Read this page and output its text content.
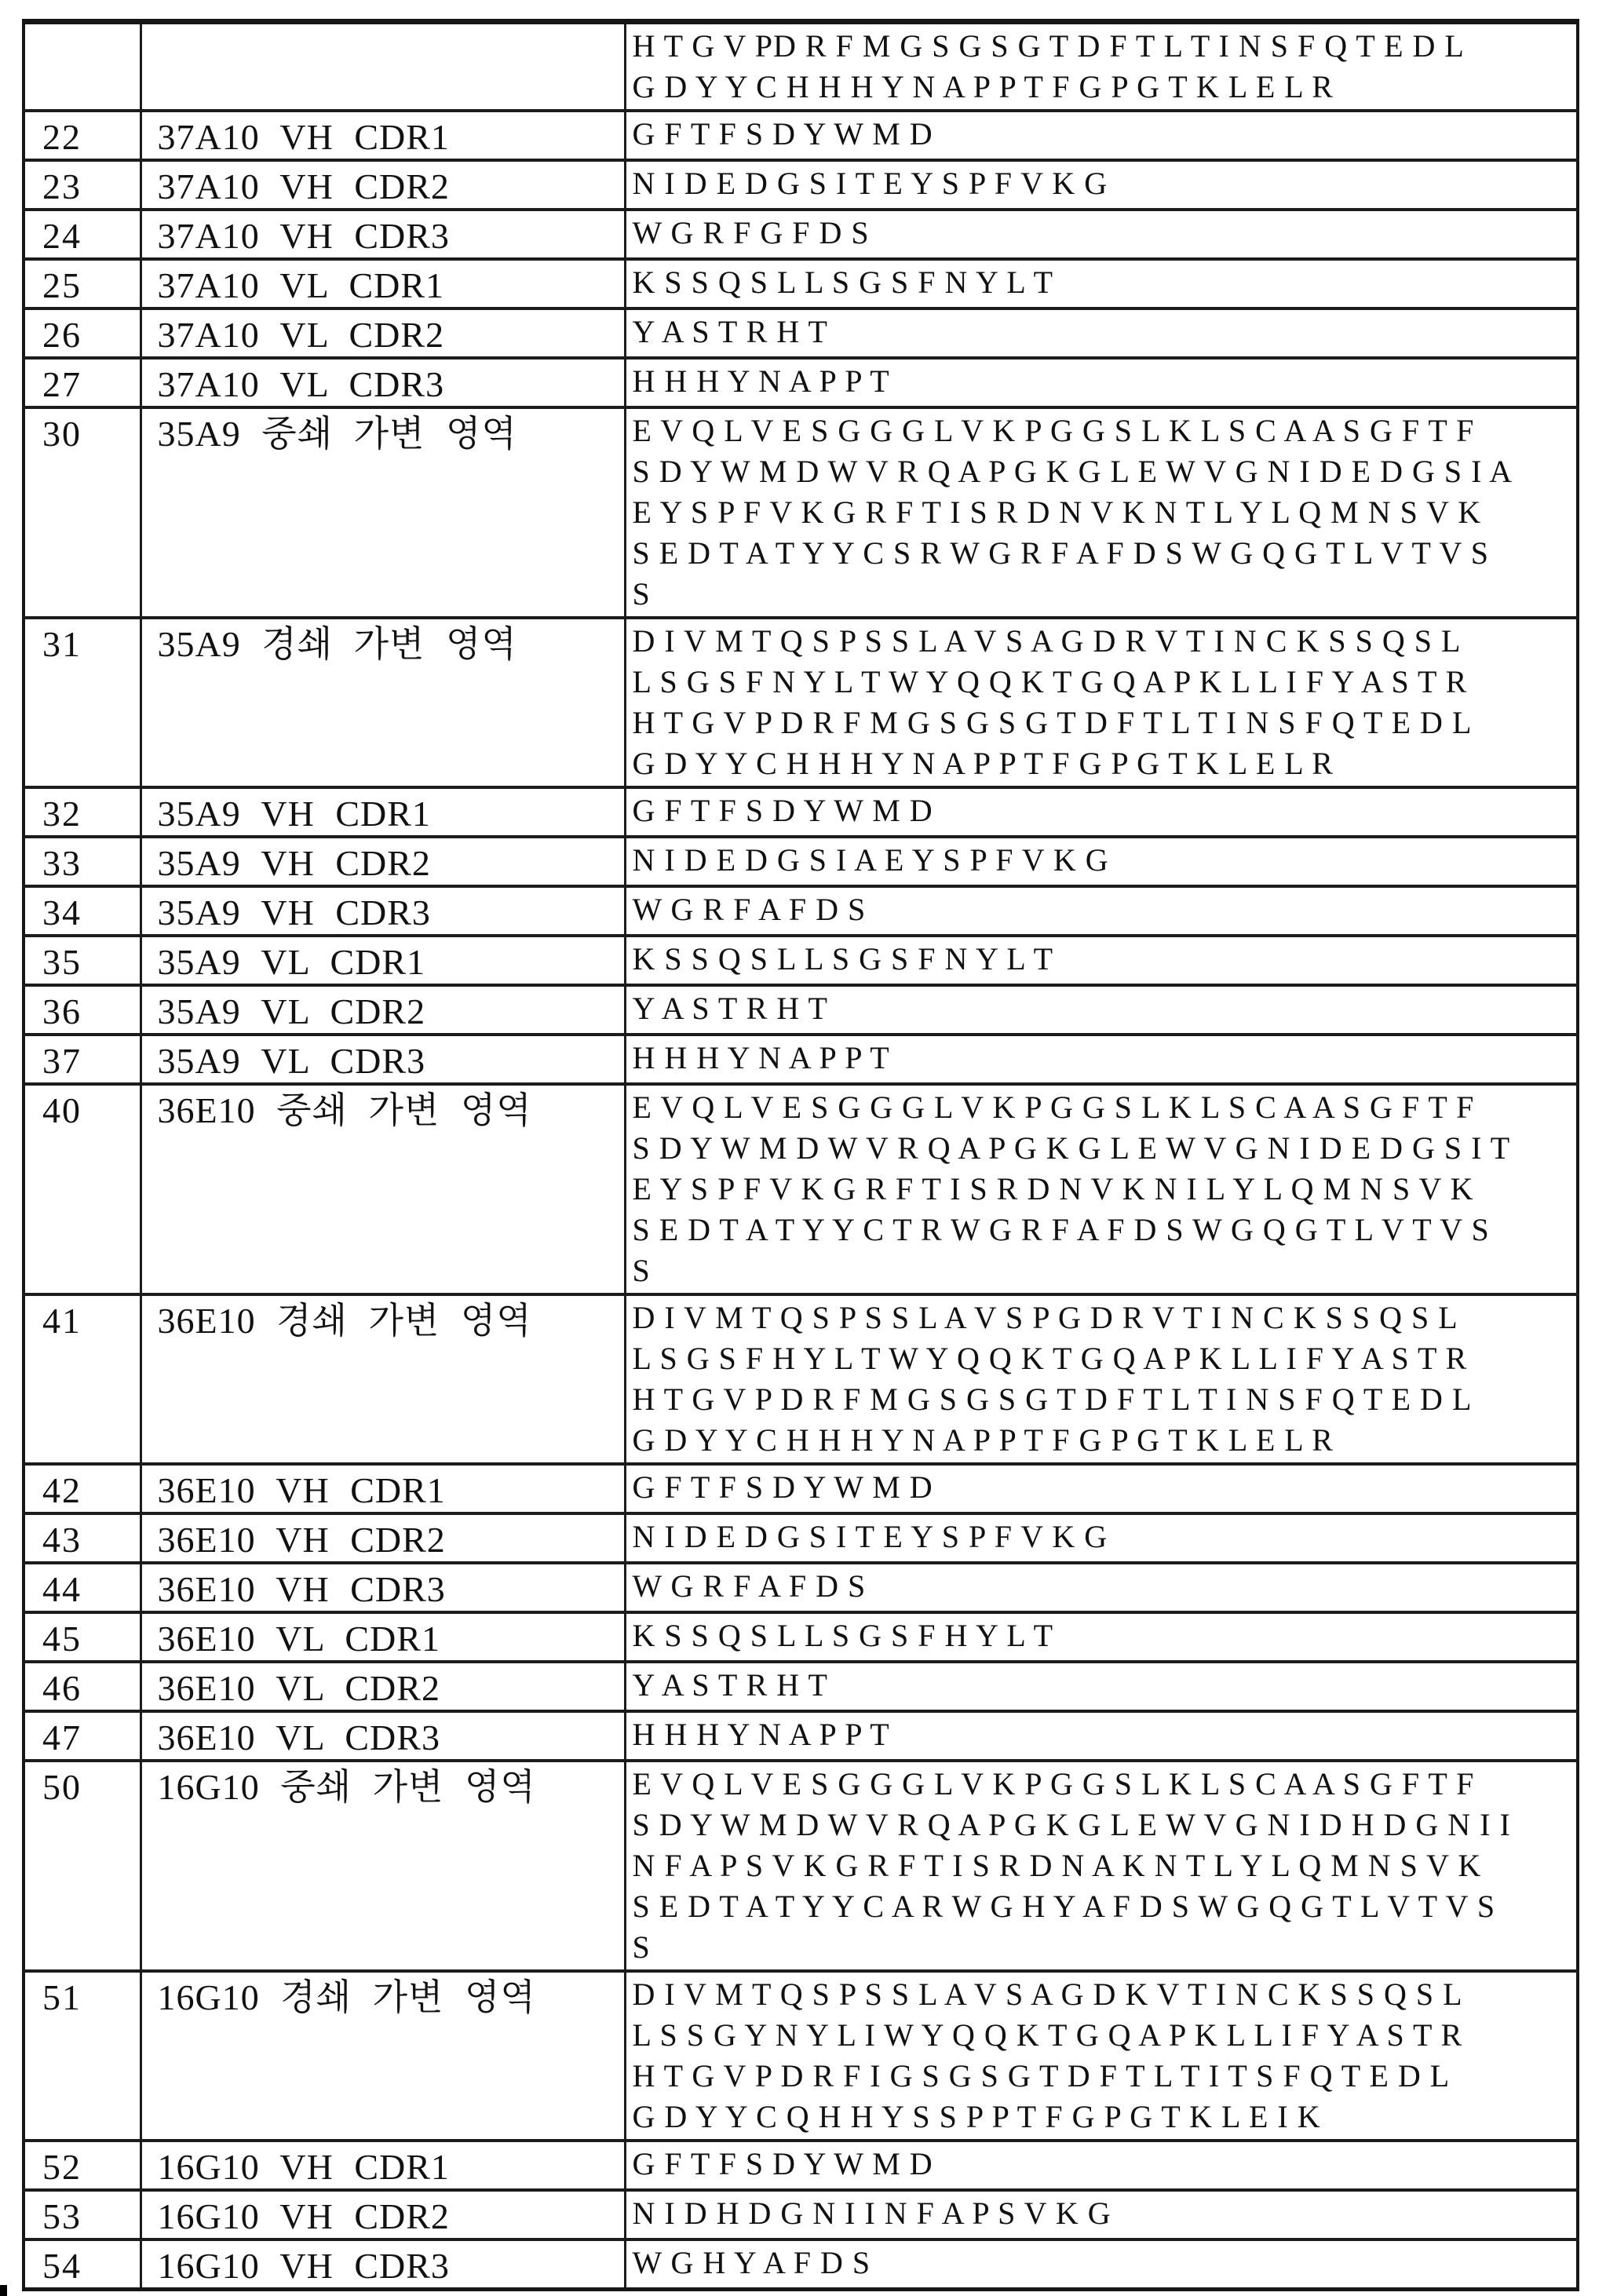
		H T G V PD R F M G S G S G T D F T L T I N S F Q T E D L
G D Y Y C H H H Y N A P P T F G P G T K L E L R

22	37A10 VH CDR1	G F T F S D Y W M D

23	37A10 VH CDR2	N I D E D G S I T E Y S P F V K G

24	37A10 VH CDR3	W G R F G F D S

25	37A10 VL CDR1	K S S Q S L L S G S F N Y L T

26	37A10 VL CDR2	Y A S T R H T

27	37A10 VL CDR3	H H H Y N A P P T

30	35A9 중쇄 가변 영역	E V Q L V E S G G G L V K P G G S L K L S C A A S G F T F
S D Y W M D W V R Q A P G K G L E W V G N I D E D G S I A
E Y S P F V K G R F T I S R D N V K N T L Y L Q M N S V K
S E D T A T Y Y C S R W G R F A F D S W G Q G T L V T V S
S

31	35A9 경쇄 가변 영역	D I V M T Q S P S S L A V S A G D R V T I N C K S S Q S L
L S G S F N Y L T W Y Q Q K T G Q A P K L L I F Y A S T R
H T G V P D R F M G S G S G T D F T L T I N S F Q T E D L
G D Y Y C H H H Y N A P P T F G P G T K L E L R

32	35A9 VH CDR1	G F T F S D Y W M D

33	35A9 VH CDR2	N I D E D G S I A E Y S P F V K G

34	35A9 VH CDR3	W G R F A F D S

35	35A9 VL CDR1	K S S Q S L L S G S F N Y L T

36	35A9 VL CDR2	Y A S T R H T

37	35A9 VL CDR3	H H H Y N A P P T

40	36E10 중쇄 가변 영역	E V Q L V E S G G G L V K P G G S L K L S C A A S G F T F
S D Y W M D W V R Q A P G K G L E W V G N I D E D G S I T
E Y S P F V K G R F T I S R D N V K N I L Y L Q M N S V K
S E D T A T Y Y C T R W G R F A F D S W G Q G T L V T V S
S

41	36E10 경쇄 가변 영역	D I V M T Q S P S S L A V S P G D R V T I N C K S S Q S L
L S G S F H Y L T W Y Q Q K T G Q A P K L L I F Y A S T R
H T G V P D R F M G S G S G T D F T L T I N S F Q T E D L
G D Y Y C H H H Y N A P P T F G P G T K L E L R

42	36E10 VH CDR1	G F T F S D Y W M D

43	36E10 VH CDR2	N I D E D G S I T E Y S P F V K G

44	36E10 VH CDR3	W G R F A F D S

45	36E10 VL CDR1	K S S Q S L L S G S F H Y L T

46	36E10 VL CDR2	Y A S T R H T

47	36E10 VL CDR3	H H H Y N A P P T

50	16G10 중쇄 가변 영역	E V Q L V E S G G G L V K P G G S L K L S C A A S G F T F
S D Y W M D W V R Q A P G K G L E W V G N I D H D G N I I
N F A P S V K G R F T I S R D N A K N T L Y L Q M N S V K
S E D T A T Y Y C A R W G H Y A F D S W G Q G T L V T V S
S

51	16G10 경쇄 가변 영역	D I V M T Q S P S S L A V S A G D K V T I N C K S S Q S L
L S S G Y N Y L I W Y Q Q K T G Q A P K L L I F Y A S T R
H T G V P D R F I G S G S G T D F T L T I T S F Q T E D L
G D Y Y C Q H H Y S S P P T F G P G T K L E I K

52	16G10 VH CDR1	G F T F S D Y W M D

53	16G10 VH CDR2	N I D H D G N I I N F A P S V K G

54	16G10 VH CDR3	W G H Y A F D S
